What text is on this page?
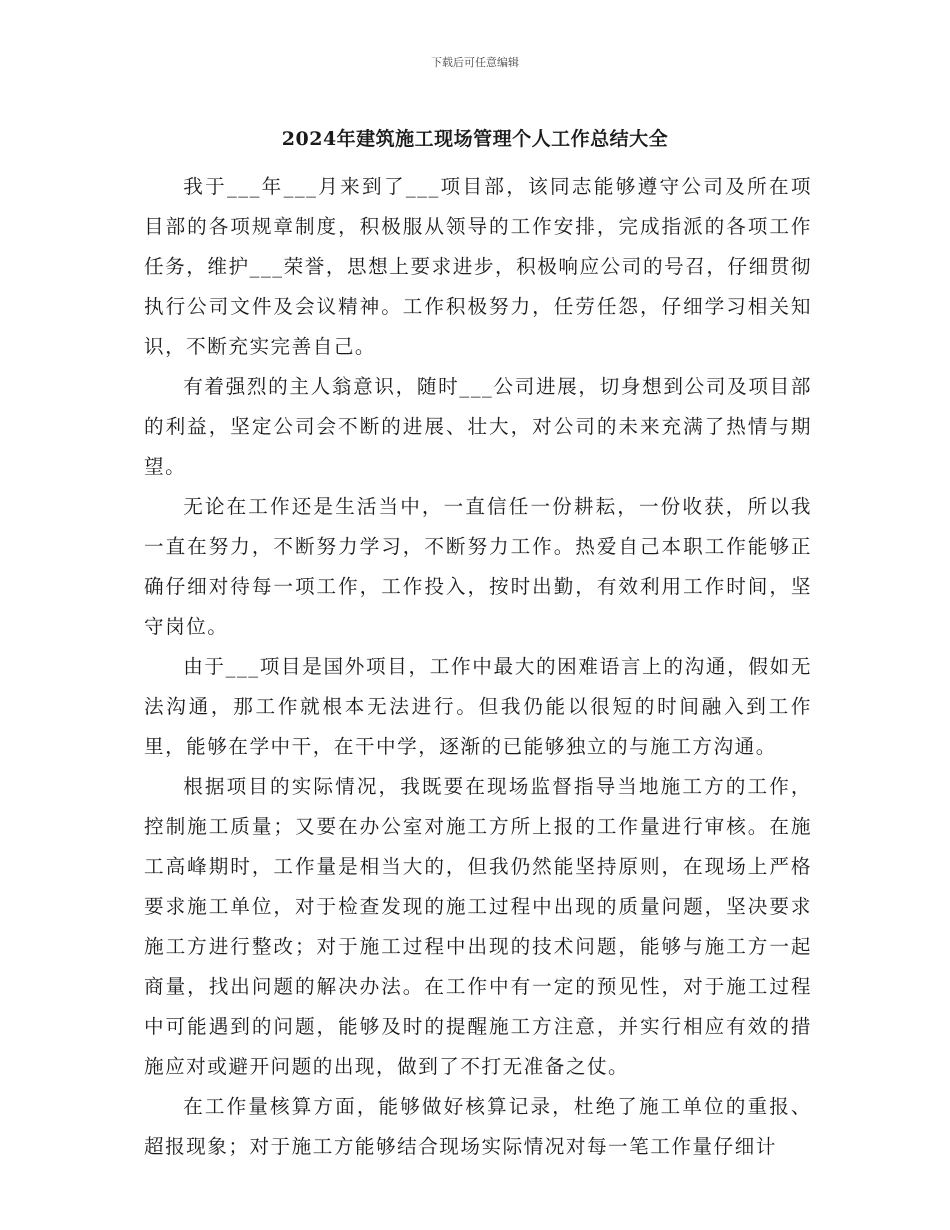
下载后可任意编辑
2024年建筑施工现场管理个人工作总结大全

我于___年___月来到了___项目部，该同志能够遵守公司及所在项目部的各项规章制度，积极服从领导的工作安排，完成指派的各项工作任务，维护___荣誉，思想上要求进步，积极响应公司的号召，仔细贯彻执行公司文件及会议精神。工作积极努力，任劳任怨，仔细学习相关知识，不断充实完善自己。

有着强烈的主人翁意识，随时___公司进展，切身想到公司及项目部的利益，坚定公司会不断的进展、壮大，对公司的未来充满了热情与期望。

无论在工作还是生活当中，一直信任一份耕耘，一份收获，所以我一直在努力，不断努力学习，不断努力工作。热爱自己本职工作能够正确仔细对待每一项工作，工作投入，按时出勤，有效利用工作时间，坚守岗位。

由于___项目是国外项目，工作中最大的困难语言上的沟通，假如无法沟通，那工作就根本无法进行。但我仍能以很短的时间融入到工作里，能够在学中干，在干中学，逐渐的已能够独立的与施工方沟通。

根据项目的实际情况，我既要在现场监督指导当地施工方的工作，控制施工质量；又要在办公室对施工方所上报的工作量进行审核。在施工高峰期时，工作量是相当大的，但我仍然能坚持原则，在现场上严格要求施工单位，对于检查发现的施工过程中出现的质量问题，坚决要求施工方进行整改；对于施工过程中出现的技术问题，能够与施工方一起商量，找出问题的解决办法。在工作中有一定的预见性，对于施工过程中可能遇到的问题，能够及时的提醒施工方注意，并实行相应有效的措施应对或避开问题的出现，做到了不打无准备之仗。

在工作量核算方面，能够做好核算记录，杜绝了施工单位的重报、超报现象；对于施工方能够结合现场实际情况对每一笔工作量仔细计
